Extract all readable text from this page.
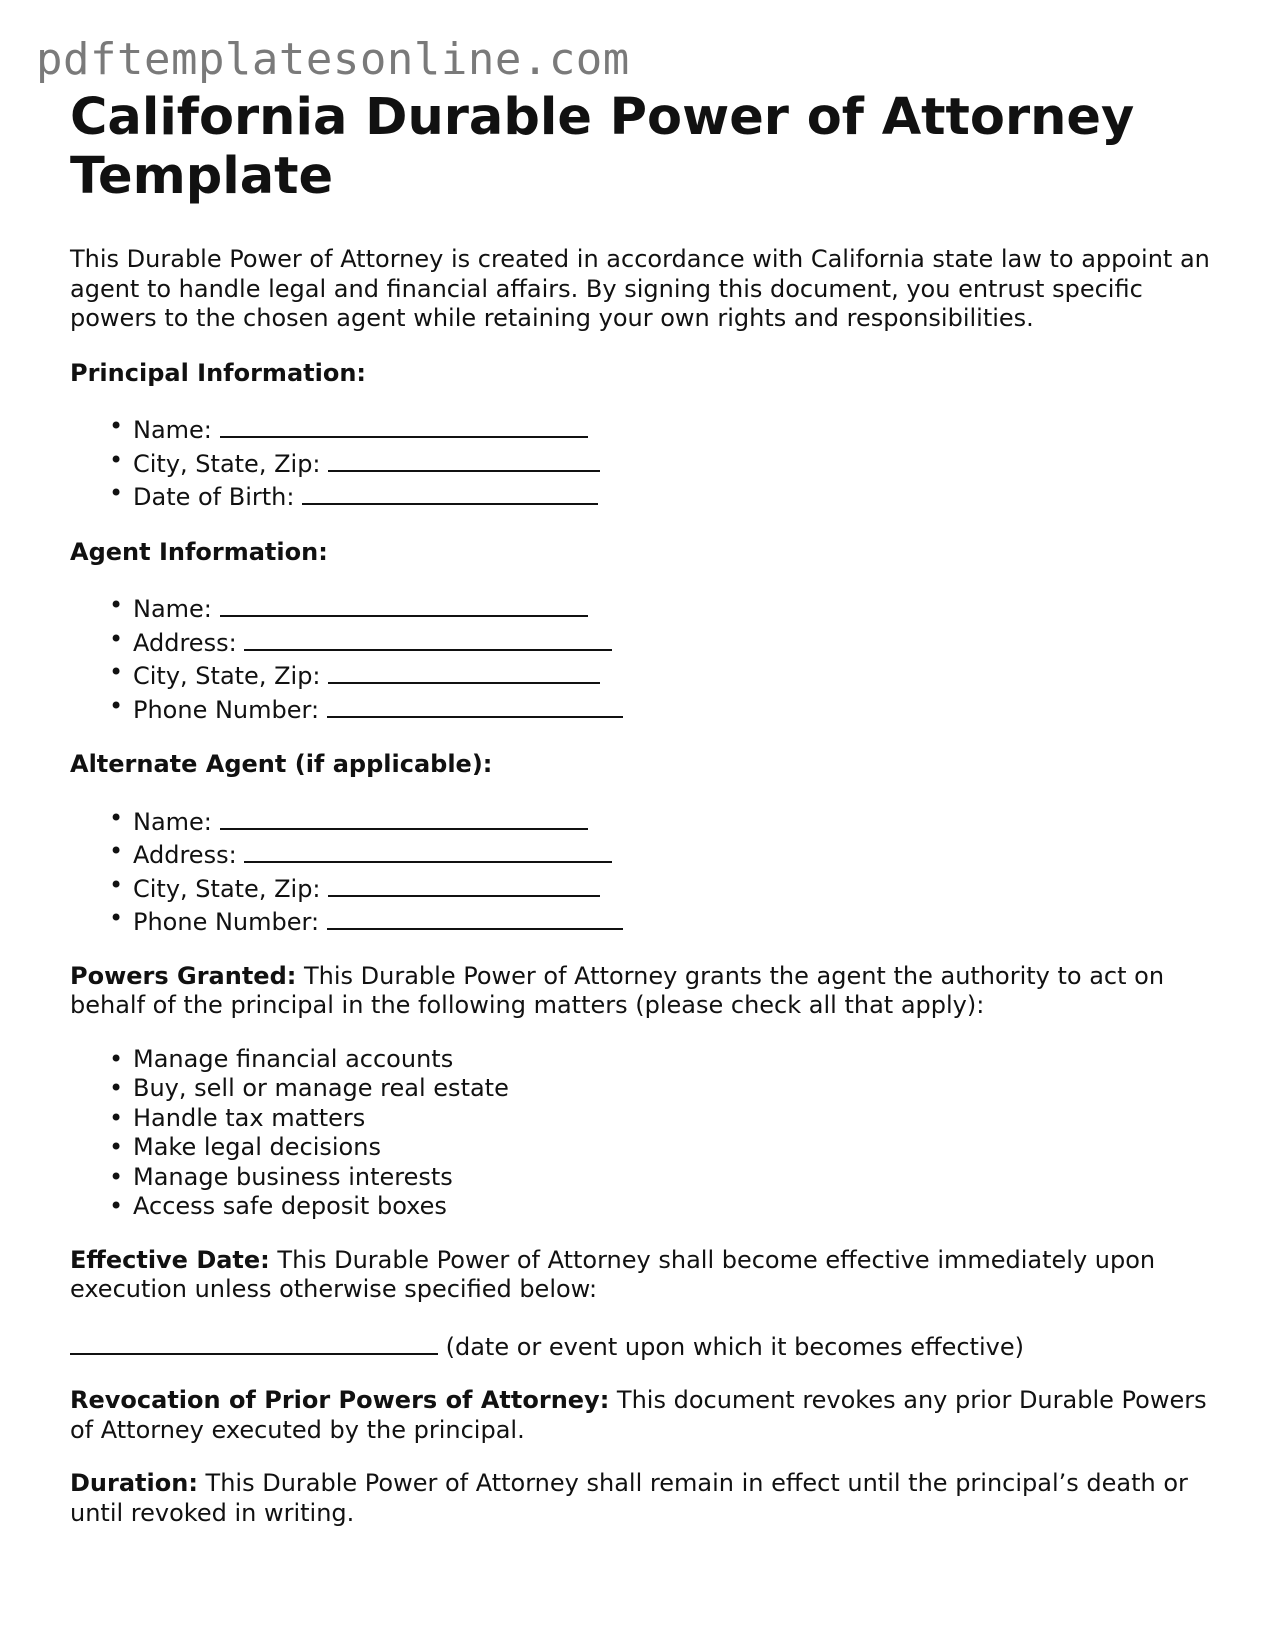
pdftemplatesonline.com
California Durable Power of Attorney Template

This Durable Power of Attorney is created in accordance with California state law to appoint an agent to handle legal and financial affairs. By signing this document, you entrust specific powers to the chosen agent while retaining your own rights and responsibilities.

Principal Information:

• Name:
• City, State, Zip:
• Date of Birth:

Agent Information:

• Name:
• Address:
• City, State, Zip:
• Phone Number:

Alternate Agent (if applicable):

• Name:
• Address:
• City, State, Zip:
• Phone Number:

Powers Granted: This Durable Power of Attorney grants the agent the authority to act on behalf of the principal in the following matters (please check all that apply):

• Manage financial accounts
• Buy, sell or manage real estate
• Handle tax matters
• Make legal decisions
• Manage business interests
• Access safe deposit boxes

Effective Date: This Durable Power of Attorney shall become effective immediately upon execution unless otherwise specified below:

(date or event upon which it becomes effective)

Revocation of Prior Powers of Attorney: This document revokes any prior Durable Powers of Attorney executed by the principal.

Duration: This Durable Power of Attorney shall remain in effect until the principal’s death or until revoked in writing.
